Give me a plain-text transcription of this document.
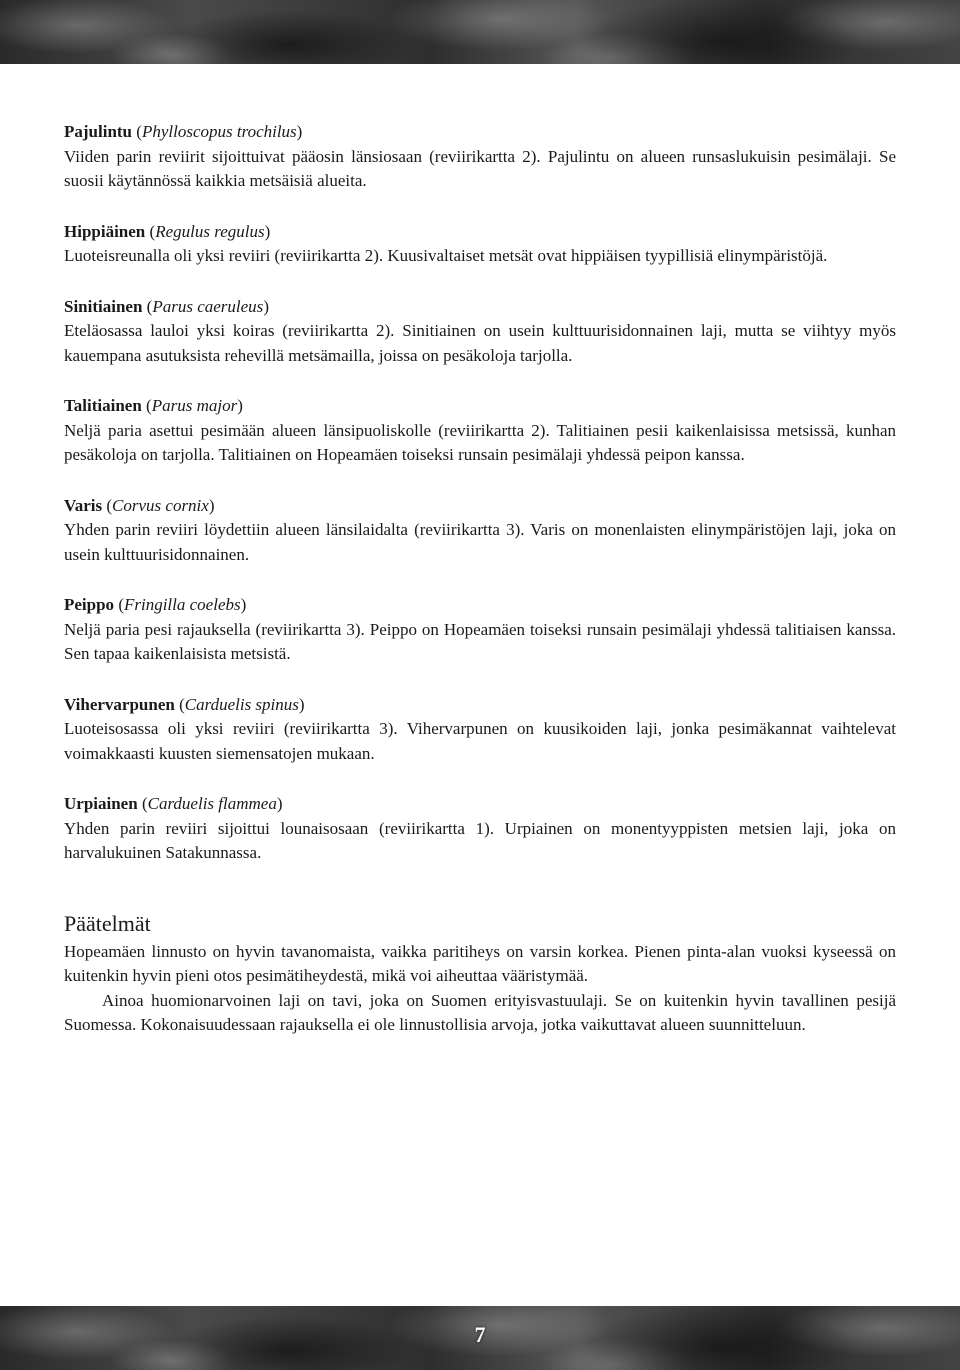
Pajulintu (Phylloscopus trochilus)

Viiden parin reviirit sijoittuivat pääosin länsiosaan (reviirikartta 2). Pajulintu on alueen runsaslukuisin pesimälaji. Se suosii käytännössä kaikkia metsäisiä alueita.

Hippiäinen (Regulus regulus)

Luoteisreunalla oli yksi reviiri (reviirikartta 2). Kuusivaltaiset metsät ovat hippiäisen tyypillisiä elinympäristöjä.

Sinitiainen (Parus caeruleus)

Eteläosassa lauloi yksi koiras (reviirikartta 2). Sinitiainen on usein kulttuurisidonnainen laji, mutta se viihtyy myös kauempana asutuksista rehevillä metsämailla, joissa on pesäkoloja tarjolla.

Talitiainen (Parus major)

Neljä paria asettui pesimään alueen länsipuoliskolle (reviirikartta 2). Talitiainen pesii kaikenlaisissa metsissä, kunhan pesäkoloja on tarjolla. Talitiainen on Hopeamäen toiseksi runsain pesimälaji yhdessä peipon kanssa.

Varis (Corvus cornix)

Yhden parin reviiri löydettiin alueen länsilaidalta (reviirikartta 3). Varis on monenlaisten elinympäristöjen laji, joka on usein kulttuurisidonnainen.

Peippo (Fringilla coelebs)

Neljä paria pesi rajauksella (reviirikartta 3). Peippo on Hopeamäen toiseksi runsain pesimälaji yhdessä talitiaisen kanssa. Sen tapaa kaikenlaisista metsistä.

Vihervarpunen (Carduelis spinus)

Luoteisosassa oli yksi reviiri (reviirikartta 3). Vihervarpunen on kuusikoiden laji, jonka pesimäkannat vaihtelevat voimakkaasti kuusten siemensatojen mukaan.

Urpiainen (Carduelis flammea)

Yhden parin reviiri sijoittui lounaisosaan (reviirikartta 1). Urpiainen on monentyyppisten metsien laji, joka on harvalukuinen Satakunnassa.

Päätelmät

Hopeamäen linnusto on hyvin tavanomaista, vaikka paritiheys on varsin korkea. Pienen pinta-alan vuoksi kyseessä on kuitenkin hyvin pieni otos pesimätiheydestä, mikä voi aiheuttaa vääristymää.

Ainoa huomionarvoinen laji on tavi, joka on Suomen erityisvastuulaji. Se on kuitenkin hyvin tavallinen pesijä Suomessa. Kokonaisuudessaan rajauksella ei ole linnustollisia arvoja, jotka vaikuttavat alueen suunnitteluun.

7
